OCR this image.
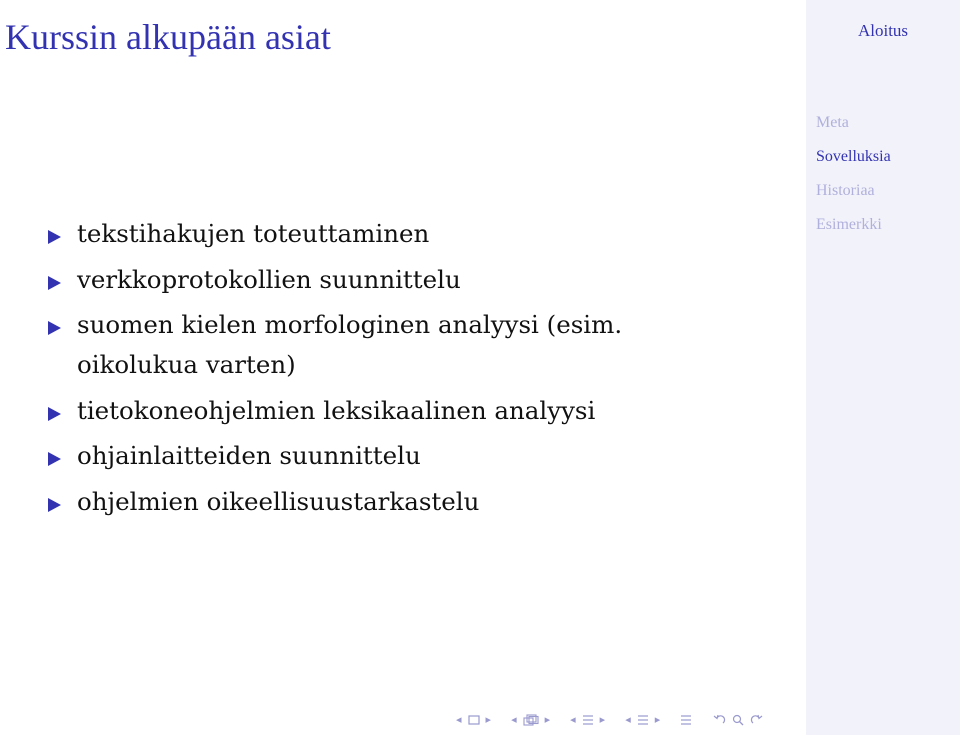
Kurssin alkupään asiat
tekstihakujen toteuttaminen
verkkoprotokollien suunnittelu
suomen kielen morfologinen analyysi (esim. oikolukua varten)
tietokoneohjelmien leksikaalinen analyysi
ohjainlaitteiden suunnittelu
ohjelmien oikeellisuustarkastelu
◂ ▸ ◂	▸ ◂ ▸ ◂ ▸
Aloitus
Meta
Sovelluksia
Historiaa
Esimerkki
